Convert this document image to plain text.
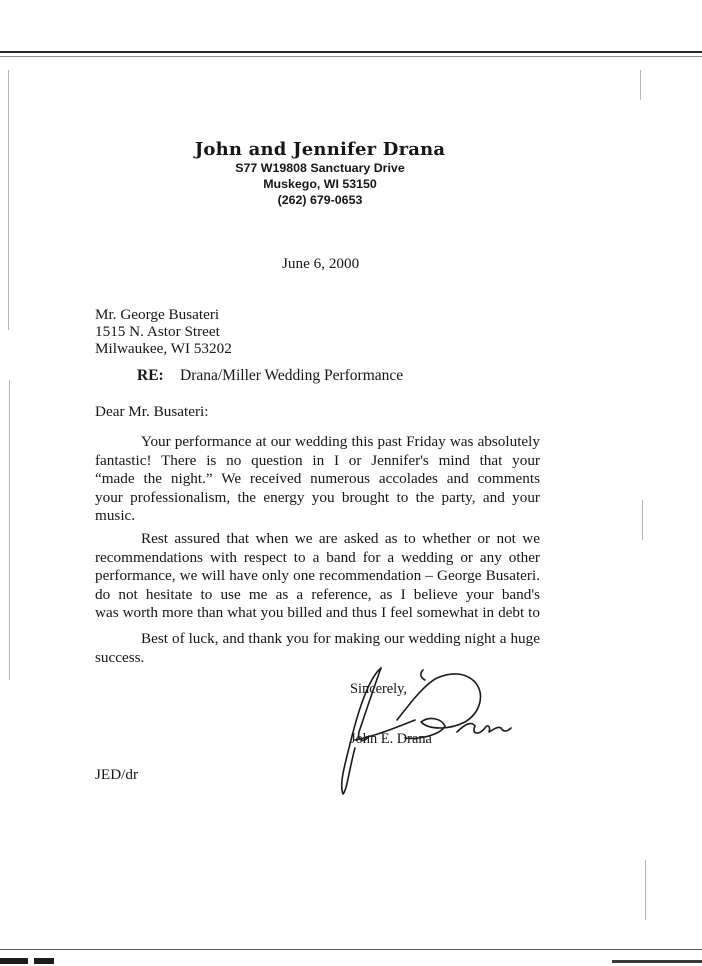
John and Jennifer Drana
S77 W19808 Sanctuary Drive
Muskego, WI 53150
(262) 679-0653
June 6, 2000
Mr. George Busateri
1515 N. Astor Street
Milwaukee, WI 53202
RE: Drana/Miller Wedding Performance
Dear Mr. Busateri:
Your performance at our wedding this past Friday was absolutely
fantastic! There is no question in I or Jennifer's mind that your
“made the night.” We received numerous accolades and comments
your professionalism, the energy you brought to the party, and your
music.
Rest assured that when we are asked as to whether or not we
recommendations with respect to a band for a wedding or any other
performance, we will have only one recommendation – George Busateri.
do not hesitate to use me as a reference, as I believe your band's
was worth more than what you billed and thus I feel somewhat in debt to
Best of luck, and thank you for making our wedding night a huge
success.
Sincerely,
John E. Drana
JED/dr
